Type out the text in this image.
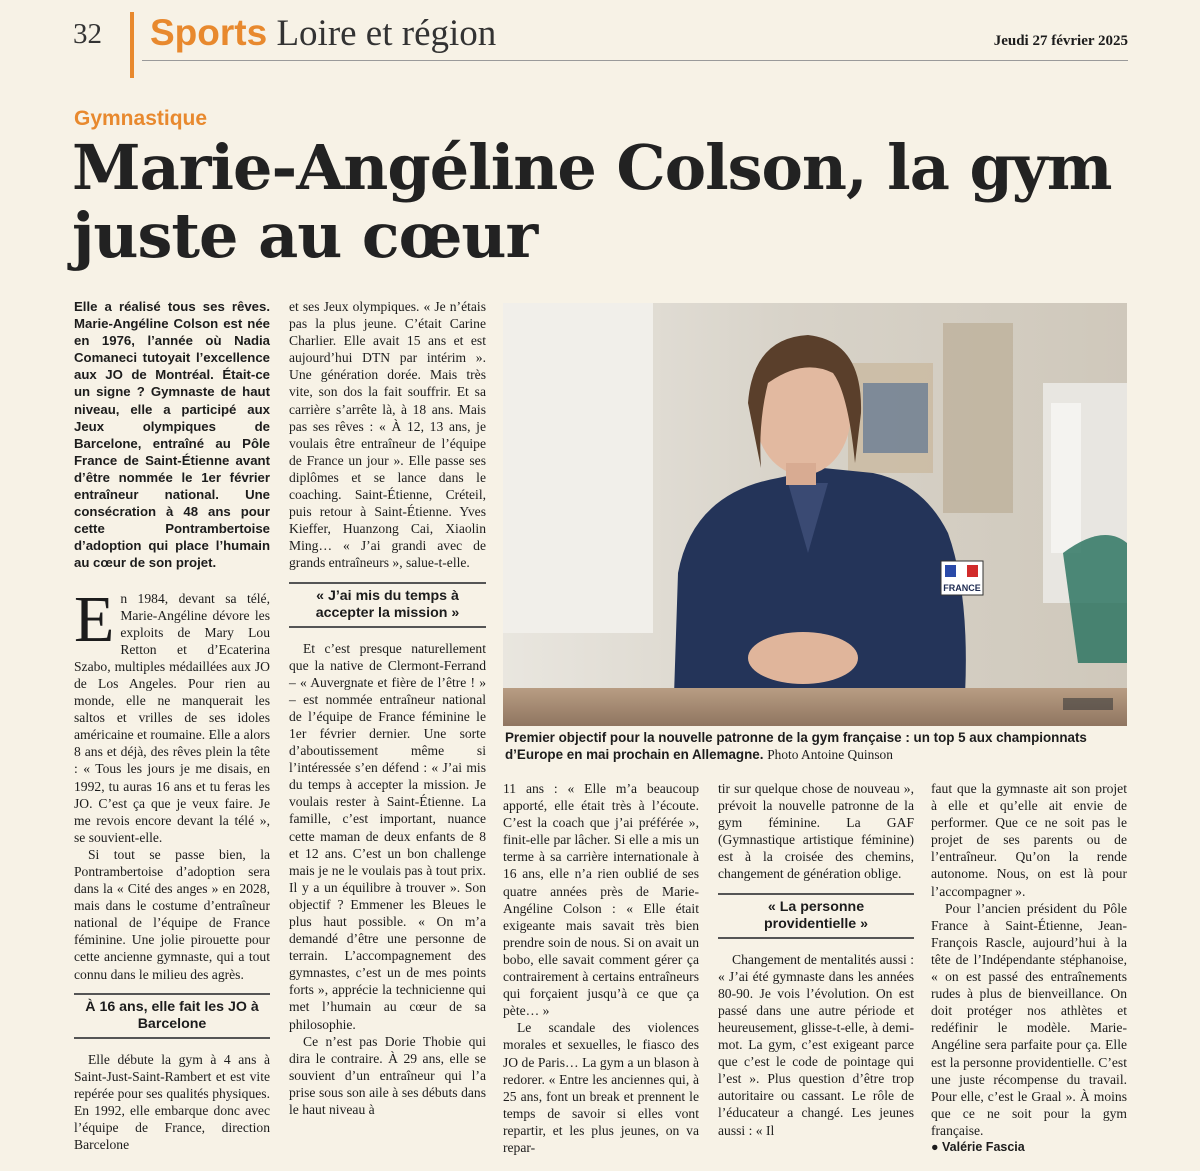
32 Sports Loire et région	Jeudi 27 février 2025
Gymnastique
Marie-Angéline Colson, la gym juste au cœur

Elle a réalisé tous ses rêves. Marie-Angéline Colson est née en 1976, l’année où Nadia Comaneci tutoyait l’excellence aux JO de Montréal. Était-ce un signe ? Gymnaste de haut niveau, elle a participé aux Jeux olympiques de Barcelone, entraîné au Pôle France de Saint-Étienne avant d’être nommée le 1er février entraîneur national. Une consécration à 48 ans pour cette Pontrambertoise d’adoption qui place l’humain au cœur de son projet.

En 1984, devant sa télé, Marie-Angéline dévore les exploits de Mary Lou Retton et d’Ecaterina Szabo, multiples médaillées aux JO de Los Angeles. Pour rien au monde, elle ne manquerait les saltos et vrilles de ses idoles américaine et roumaine. Elle a alors 8 ans et déjà, des rêves plein la tête : « Tous les jours je me disais, en 1992, tu auras 16 ans et tu feras les JO. C’est ça que je veux faire. Je me revois encore devant la télé », se souvient-elle.

Si tout se passe bien, la Pontrambertoise d’adoption sera dans la « Cité des anges » en 2028, mais dans le costume d’entraîneur national de l’équipe de France féminine. Une jolie pirouette pour cette ancienne gymnaste, qui a tout connu dans le milieu des agrès.

À 16 ans, elle fait les JO à Barcelone

Elle débute la gym à 4 ans à Saint-Just-Saint-Rambert et est vite repérée pour ses qualités physiques. En 1992, elle embarque donc avec l’équipe de France, direction Barcelone

et ses Jeux olympiques. « Je n’étais pas la plus jeune. C’était Carine Charlier. Elle avait 15 ans et est aujourd’hui DTN par intérim ». Une génération dorée. Mais très vite, son dos la fait souffrir. Et sa carrière s’arrête là, à 18 ans. Mais pas ses rêves : « À 12, 13 ans, je voulais être entraîneur de l’équipe de France un jour ». Elle passe ses diplômes et se lance dans le coaching. Saint-Étienne, Créteil, puis retour à Saint-Étienne. Yves Kieffer, Huanzong Cai, Xiaolin Ming… « J’ai grandi avec de grands entraîneurs », salue-t-elle.

« J’ai mis du temps à accepter la mission »

Et c’est presque naturellement que la native de Clermont-Ferrand – « Auvergnate et fière de l’être ! » – est nommée entraîneur national de l’équipe de France féminine le 1er février dernier. Une sorte d’aboutissement même si l’intéressée s’en défend : « J’ai mis du temps à accepter la mission. Je voulais rester à Saint-Étienne. La famille, c’est important, nuance cette maman de deux enfants de 8 et 12 ans. C’est un bon challenge mais je ne le voulais pas à tout prix. Il y a un équilibre à trouver ». Son objectif ? Emmener les Bleues le plus haut possible. « On m’a demandé d’être une personne de terrain. L’accompagnement des gymnastes, c’est un de mes points forts », apprécie la technicienne qui met l’humain au cœur de sa philosophie.

Ce n’est pas Dorie Thobie qui dira le contraire. À 29 ans, elle se souvient d’un entraîneur qui l’a prise sous son aile à ses débuts dans le haut niveau à

FRANCE
Premier objectif pour la nouvelle patronne de la gym française : un top 5 aux championnats d’Europe en mai prochain en Allemagne. Photo Antoine Quinson

11 ans : « Elle m’a beaucoup apporté, elle était très à l’écoute. C’est la coach que j’ai préférée », finit-elle par lâcher. Si elle a mis un terme à sa carrière internationale à 16 ans, elle n’a rien oublié de ses quatre années près de Marie-Angéline Colson : « Elle était exigeante mais savait très bien prendre soin de nous. Si on avait un bobo, elle savait comment gérer ça contrairement à certains entraîneurs qui forçaient jusqu’à ce que ça pète… »

Le scandale des violences morales et sexuelles, le fiasco des JO de Paris… La gym a un blason à redorer. « Entre les anciennes qui, à 25 ans, font un break et prennent le temps de savoir si elles vont repartir, et les plus jeunes, on va repar-

tir sur quelque chose de nouveau », prévoit la nouvelle patronne de la gym féminine. La GAF (Gymnastique artistique féminine) est à la croisée des chemins, changement de génération oblige.

« La personne providentielle »

Changement de mentalités aussi : « J’ai été gymnaste dans les années 80-90. Je vois l’évolution. On est passé dans une autre période et heureusement, glisse-t-elle, à demi-mot. La gym, c’est exigeant parce que c’est le code de pointage qui l’est ». Plus question d’être trop autoritaire ou cassant. Le rôle de l’éducateur a changé. Les jeunes aussi : « Il

faut que la gymnaste ait son projet à elle et qu’elle ait envie de performer. Que ce ne soit pas le projet de ses parents ou de l’entraîneur. Qu’on la rende autonome. Nous, on est là pour l’accompagner ».

Pour l’ancien président du Pôle France à Saint-Étienne, Jean-François Rascle, aujourd’hui à la tête de l’Indépendante stéphanoise, « on est passé des entraînements rudes à plus de bienveillance. On doit protéger nos athlètes et redéfinir le modèle. Marie-Angéline sera parfaite pour ça. Elle est la personne providentielle. C’est une juste récompense du travail. Pour elle, c’est le Graal ». À moins que ce ne soit pour la gym française.

● Valérie Fascia
